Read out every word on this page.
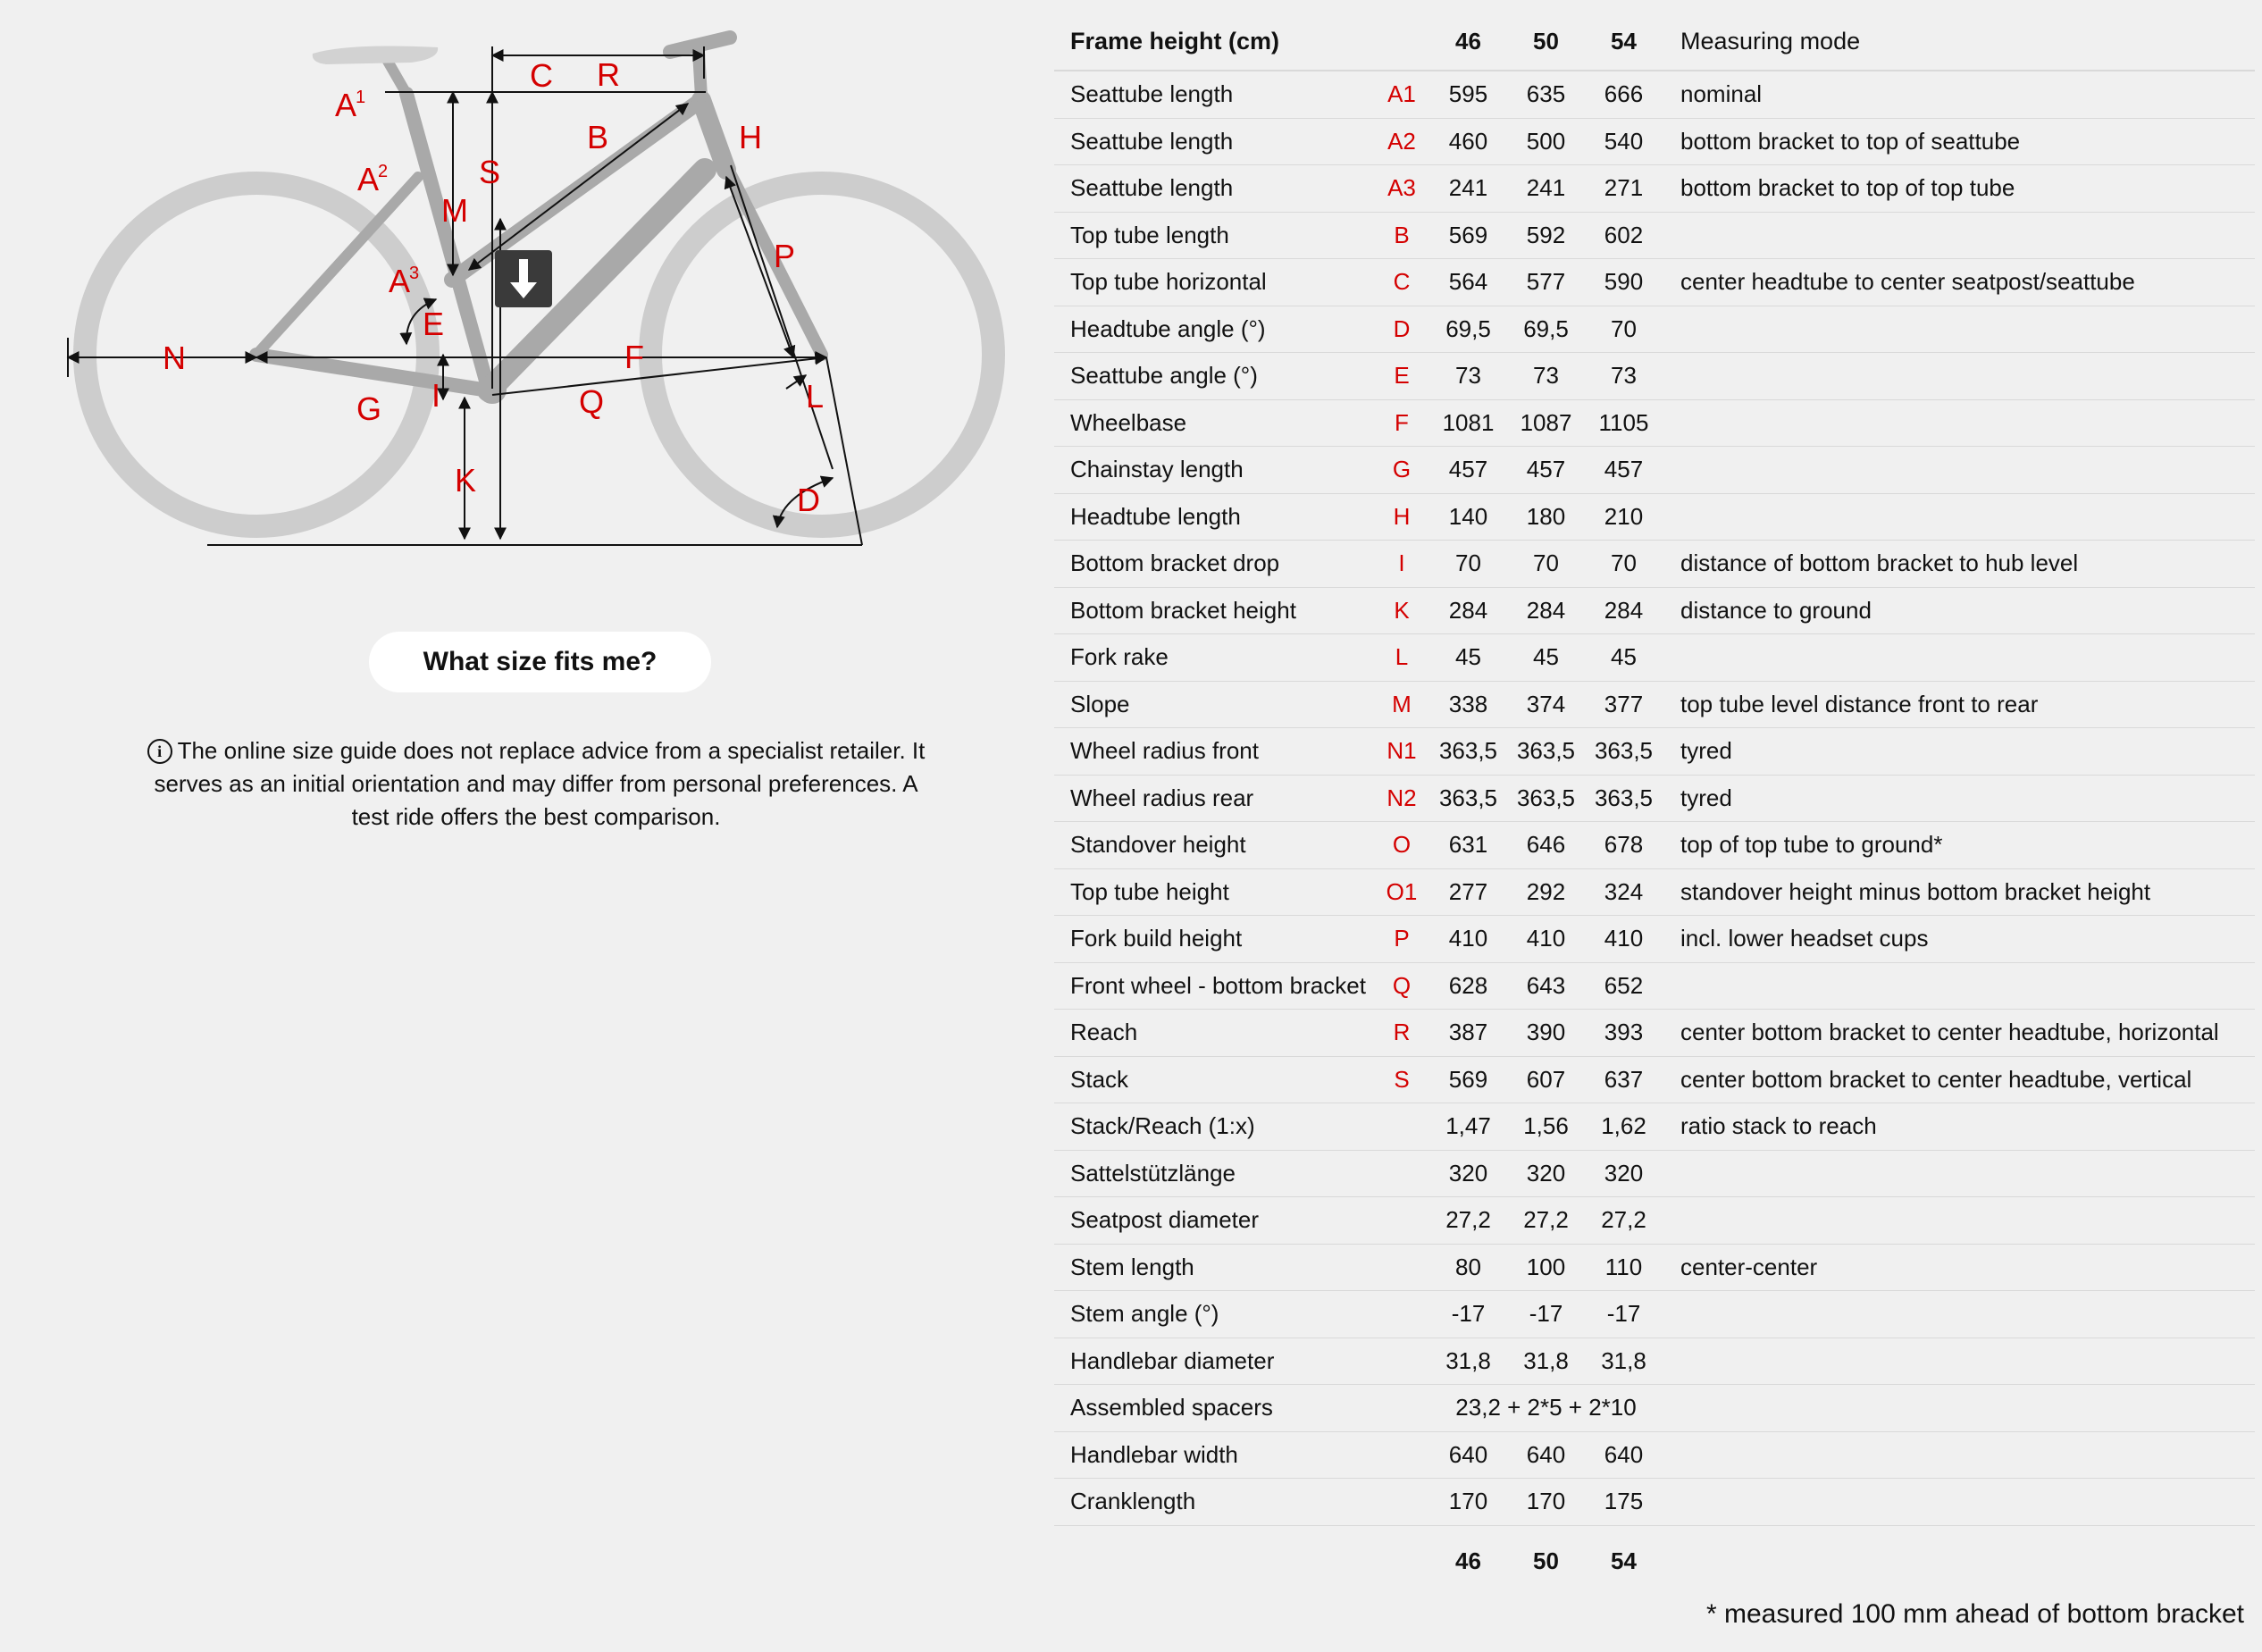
A
1
A
2
A
3
B
C
D
E
F
G
H
I
K
L
M
N
P
Q
R
S
What size fits me?
i The online size guide does not replace advice from a specialist retailer. It serves as an initial orientation and may differ from personal preferences. A test ride offers the best comparison.
Frame height (cm)		46	50	54	Measuring mode
Seattube length	A1	595	635	666	nominal
Seattube length	A2	460	500	540	bottom bracket to top of seattube
Seattube length	A3	241	241	271	bottom bracket to top of top tube
Top tube length	B	569	592	602	
Top tube horizontal	C	564	577	590	center headtube to center seatpost/seattube
Headtube angle (°)	D	69,5	69,5	70	
Seattube angle (°)	E	73	73	73	
Wheelbase	F	1081	1087	1105	
Chainstay length	G	457	457	457	
Headtube length	H	140	180	210	
Bottom bracket drop	I	70	70	70	distance of bottom bracket to hub level
Bottom bracket height	K	284	284	284	distance to ground
Fork rake	L	45	45	45	
Slope	M	338	374	377	top tube level distance front to rear
Wheel radius front	N1	363,5	363,5	363,5	tyred
Wheel radius rear	N2	363,5	363,5	363,5	tyred
Standover height	O	631	646	678	top of top tube to ground*
Top tube height	O1	277	292	324	standover height minus bottom bracket height
Fork build height	P	410	410	410	incl. lower headset cups
Front wheel - bottom bracket	Q	628	643	652	
Reach	R	387	390	393	center bottom bracket to center headtube, horizontal
Stack	S	569	607	637	center bottom bracket to center headtube, vertical
Stack/Reach (1:x)		1,47	1,56	1,62	ratio stack to reach
Sattelstützlänge		320	320	320	
Seatpost diameter		27,2	27,2	27,2	
Stem length		80	100	110	center-center
Stem angle (°)		-17	-17	-17	
Handlebar diameter		31,8	31,8	31,8	
Assembled spacers		23,2 + 2*5 + 2*10			
Handlebar width		640	640	640	
Cranklength		170	170	175	
		46	50	54	
* measured 100 mm ahead of bottom bracket
